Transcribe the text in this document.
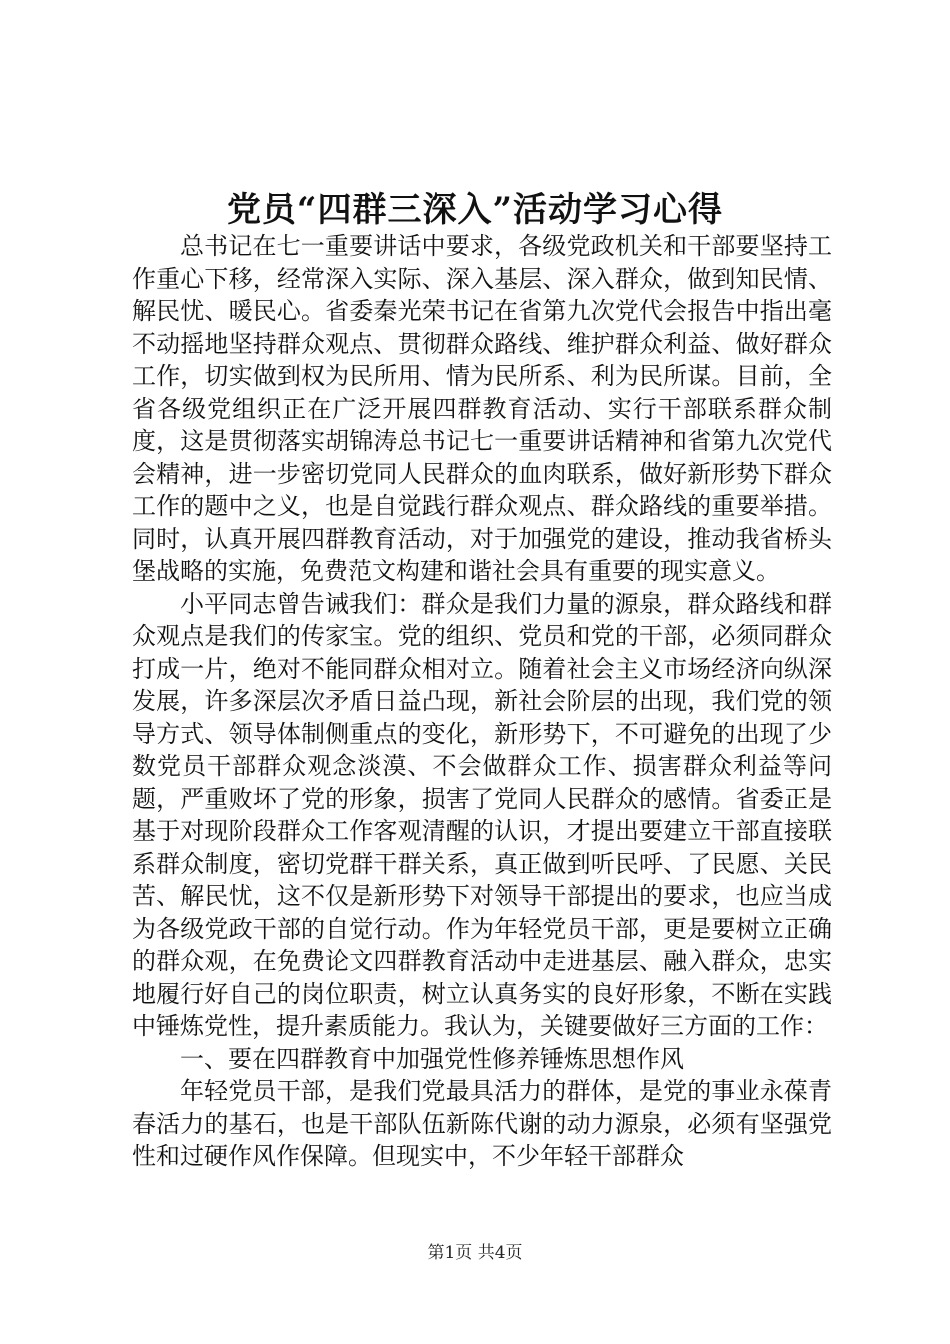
党员“四群三深入”活动学习心得

总书记在七一重要讲话中要求，各级党政机关和干部要坚持工作重心下移，经常深入实际、深入基层、深入群众，做到知民情、解民忧、暖民心。省委秦光荣书记在省第九次党代会报告中指出毫不动摇地坚持群众观点、贯彻群众路线、维护群众利益、做好群众工作，切实做到权为民所用、情为民所系、利为民所谋。目前，全省各级党组织正在广泛开展四群教育活动、实行干部联系群众制度，这是贯彻落实胡锦涛总书记七一重要讲话精神和省第九次党代会精神，进一步密切党同人民群众的血肉联系，做好新形势下群众工作的题中之义，也是自觉践行群众观点、群众路线的重要举措。同时，认真开展四群教育活动，对于加强党的建设，推动我省桥头堡战略的实施，免费范文构建和谐社会具有重要的现实意义。

小平同志曾告诫我们：群众是我们力量的源泉，群众路线和群众观点是我们的传家宝。党的组织、党员和党的干部，必须同群众打成一片，绝对不能同群众相对立。随着社会主义市场经济向纵深发展，许多深层次矛盾日益凸现，新社会阶层的出现，我们党的领导方式、领导体制侧重点的变化，新形势下，不可避免的出现了少数党员干部群众观念淡漠、不会做群众工作、损害群众利益等问题，严重败坏了党的形象，损害了党同人民群众的感情。省委正是基于对现阶段群众工作客观清醒的认识，才提出要建立干部直接联系群众制度，密切党群干群关系，真正做到听民呼、了民愿、关民苦、解民忧，这不仅是新形势下对领导干部提出的要求，也应当成为各级党政干部的自觉行动。作为年轻党员干部，更是要树立正确的群众观，在免费论文四群教育活动中走进基层、融入群众，忠实地履行好自己的岗位职责，树立认真务实的良好形象，不断在实践中锤炼党性，提升素质能力。我认为，关键要做好三方面的工作：

一、要在四群教育中加强党性修养锤炼思想作风

年轻党员干部，是我们党最具活力的群体，是党的事业永葆青春活力的基石，也是干部队伍新陈代谢的动力源泉，必须有坚强党性和过硬作风作保障。但现实中，不少年轻干部群众

第1页 共4页
